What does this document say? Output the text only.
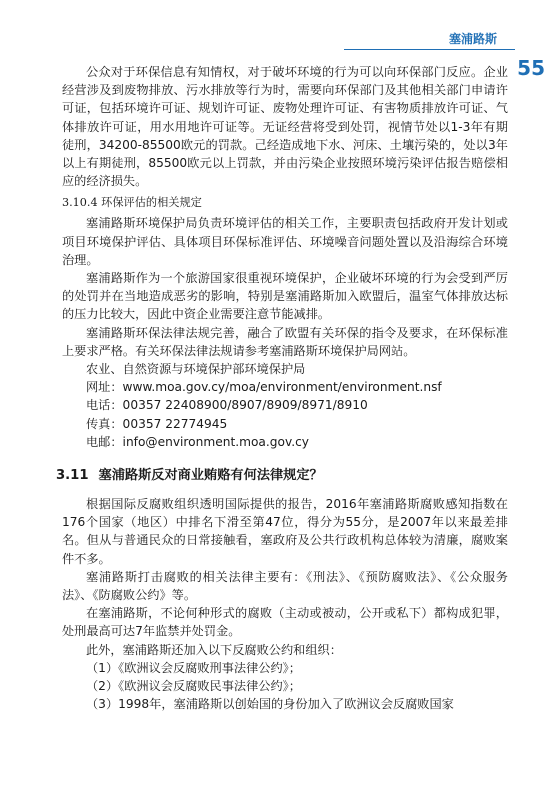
塞浦路斯
55

公众对于环保信息有知情权，对于破坏环境的行为可以向环保部门反应。企业经营涉及到废物排放、污水排放等行为时，需要向环保部门及其他相关部门申请许可证，包括环境许可证、规划许可证、废物处理许可证、有害物质排放许可证、气体排放许可证，用水用地许可证等。无证经营将受到处罚，视情节处以1-3年有期徒刑，34200-85500欧元的罚款。己经造成地下水、河床、土壤污染的，处以3年以上有期徒刑，85500欧元以上罚款，并由污染企业按照环境污染评估报告赔偿相应的经济损失。

3.10.4 环保评估的相关规定

塞浦路斯环境保护局负责环境评估的相关工作，主要职责包括政府开发计划或项目环境保护评估、具体项目环保标准评估、环境噪音问题处置以及沿海综合环境治理。

塞浦路斯作为一个旅游国家很重视环境保护，企业破坏环境的行为会受到严厉的处罚并在当地造成恶劣的影响，特别是塞浦路斯加入欧盟后，温室气体排放达标的压力比较大，因此中资企业需要注意节能减排。

塞浦路斯环保法律法规完善，融合了欧盟有关环保的指令及要求，在环保标准上要求严格。有关环保法律法规请参考塞浦路斯环境保护局网站。

农业、自然资源与环境保护部环境保护局

网址：www.moa.gov.cy/moa/environment/environment.nsf

电话：00357 22408900/8907/8909/8971/8910

传真：00357 22774945

电邮：info@environment.moa.gov.cy

3.11 塞浦路斯反对商业贿赂有何法律规定？

根据国际反腐败组织透明国际提供的报告，2016年塞浦路斯腐败感知指数在176个国家（地区）中排名下滑至第47位，得分为55分，是2007年以来最差排名。但从与普通民众的日常接触看，塞政府及公共行政机构总体较为清廉，腐败案件不多。

塞浦路斯打击腐败的相关法律主要有：《刑法》、《预防腐败法》、《公众服务法》、《防腐败公约》等。

在塞浦路斯，不论何种形式的腐败（主动或被动，公开或私下）都构成犯罪，处刑最高可达7年监禁并处罚金。

此外，塞浦路斯还加入以下反腐败公约和组织：

（1）《欧洲议会反腐败刑事法律公约》；

（2）《欧洲议会反腐败民事法律公约》；

（3）1998年，塞浦路斯以创始国的身份加入了欧洲议会反腐败国家
